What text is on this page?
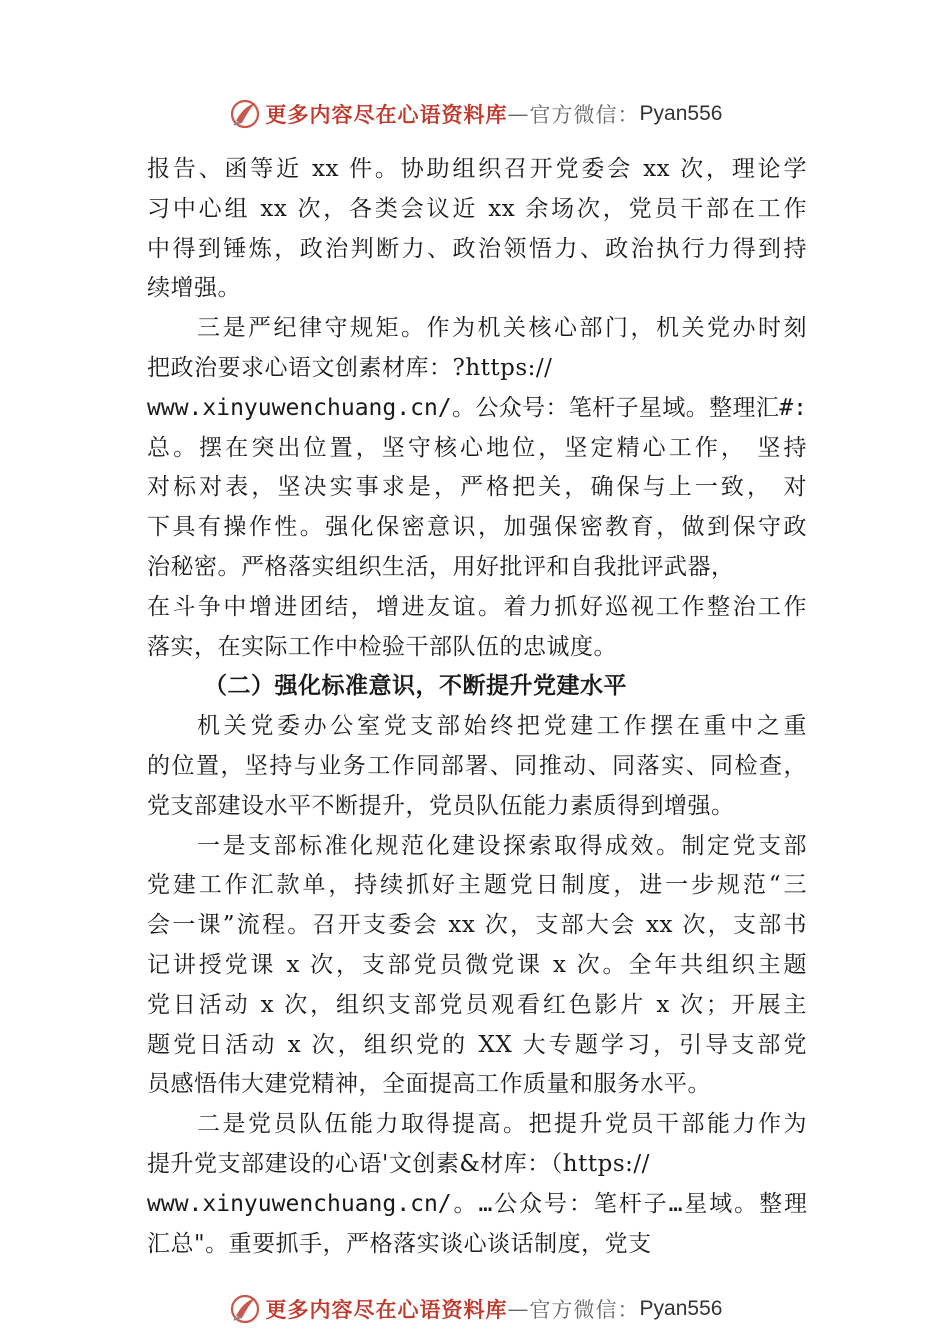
更多内容尽在心语资料库 — 官方微信： Pyan556
报告、函等近 xx 件。协助组织召开党委会 xx 次，理论学
习中心组 xx 次，各类会议近 xx 余场次，党员干部在工作
中得到锤炼，政治判断力、政治领悟力、政治执行力得到持
续增强。
三是严纪律守规矩。作为机关核心部门，机关党办时刻
把政治要求心语文创素材库：?https://
www.xinyuwenchuang.cn/。公众号：笔杆子星域。整理汇#:
总。摆在突出位置，坚守核心地位，坚定精心工作， 坚持
对标对表，坚决实事求是，严格把关，确保与上一致， 对
下具有操作性。强化保密意识，加强保密教育，做到保守政
治秘密。严格落实组织生活，用好批评和自我批评武器，
在斗争中增进团结，增进友谊。着力抓好巡视工作整治工作
落实，在实际工作中检验干部队伍的忠诚度。
（二）强化标准意识，不断提升党建水平
机关党委办公室党支部始终把党建工作摆在重中之重
的位置，坚持与业务工作同部署、同推动、同落实、同检查，
党支部建设水平不断提升，党员队伍能力素质得到增强。
一是支部标准化规范化建设探索取得成效。制定党支部
党建工作汇款单，持续抓好主题党日制度，进一步规范“三
会一课”流程。召开支委会 xx 次，支部大会 xx 次，支部书
记讲授党课 x 次，支部党员微党课 x 次。全年共组织主题
党日活动 x 次，组织支部党员观看红色影片 x 次；开展主
题党日活动 x 次，组织党的 XX 大专题学习，引导支部党
员感悟伟大建党精神，全面提高工作质量和服务水平。
二是党员队伍能力取得提高。把提升党员干部能力作为
提升党支部建设的心语'文创素&材库：（https://
www.xinyuwenchuang.cn/。…公众号：笔杆子…星域。整理
汇总"。重要抓手，严格落实谈心谈话制度，党支
更多内容尽在心语资料库 — 官方微信： Pyan556
